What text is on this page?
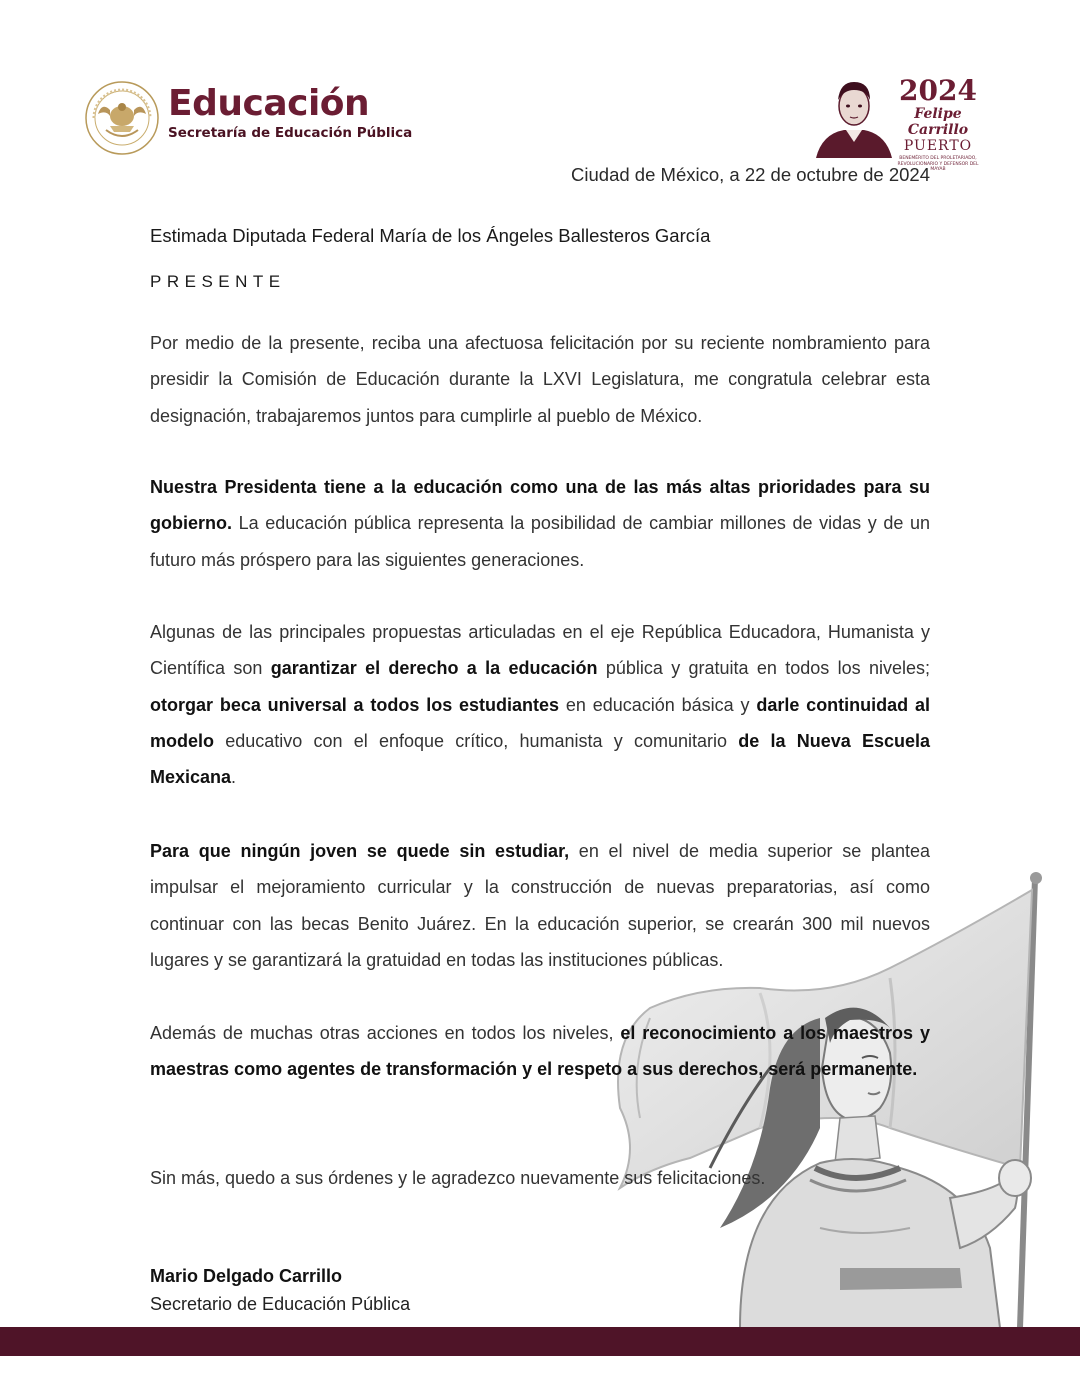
Educación
Secretaría de Educación Pública
2024
Felipe Carrillo
PUERTO
BENEMÉRITO DEL PROLETARIADO, REVOLUCIONARIO Y DEFENSOR DEL MAYAB
Ciudad de México, a 22 de octubre de 2024
Estimada Diputada Federal María de los Ángeles Ballesteros García
PRESENTE
Por medio de la presente, reciba una afectuosa felicitación por su reciente nombramiento para presidir la Comisión de Educación durante la LXVI Legislatura, me congratula celebrar esta designación, trabajaremos juntos para cumplirle al pueblo de México.
Nuestra Presidenta tiene a la educación como una de las más altas prioridades para su gobierno. La educación pública representa la posibilidad de cambiar millones de vidas y de un futuro más próspero para las siguientes generaciones.
Algunas de las principales propuestas articuladas en el eje República Educadora, Humanista y Científica son garantizar el derecho a la educación pública y gratuita en todos los niveles; otorgar beca universal a todos los estudiantes en educación básica y darle continuidad al modelo educativo con el enfoque crítico, humanista y comunitario de la Nueva Escuela Mexicana.
Para que ningún joven se quede sin estudiar, en el nivel de media superior se plantea impulsar el mejoramiento curricular y la construcción de nuevas preparatorias, así como continuar con las becas Benito Juárez. En la educación superior, se crearán 300 mil nuevos lugares y se garantizará la gratuidad en todas las instituciones públicas.
Además de muchas otras acciones en todos los niveles, el reconocimiento a los maestros y maestras como agentes de transformación y el respeto a sus derechos, será permanente.
Sin más, quedo a sus órdenes y le agradezco nuevamente sus felicitaciones.
Mario Delgado Carrillo
Secretario de Educación Pública
